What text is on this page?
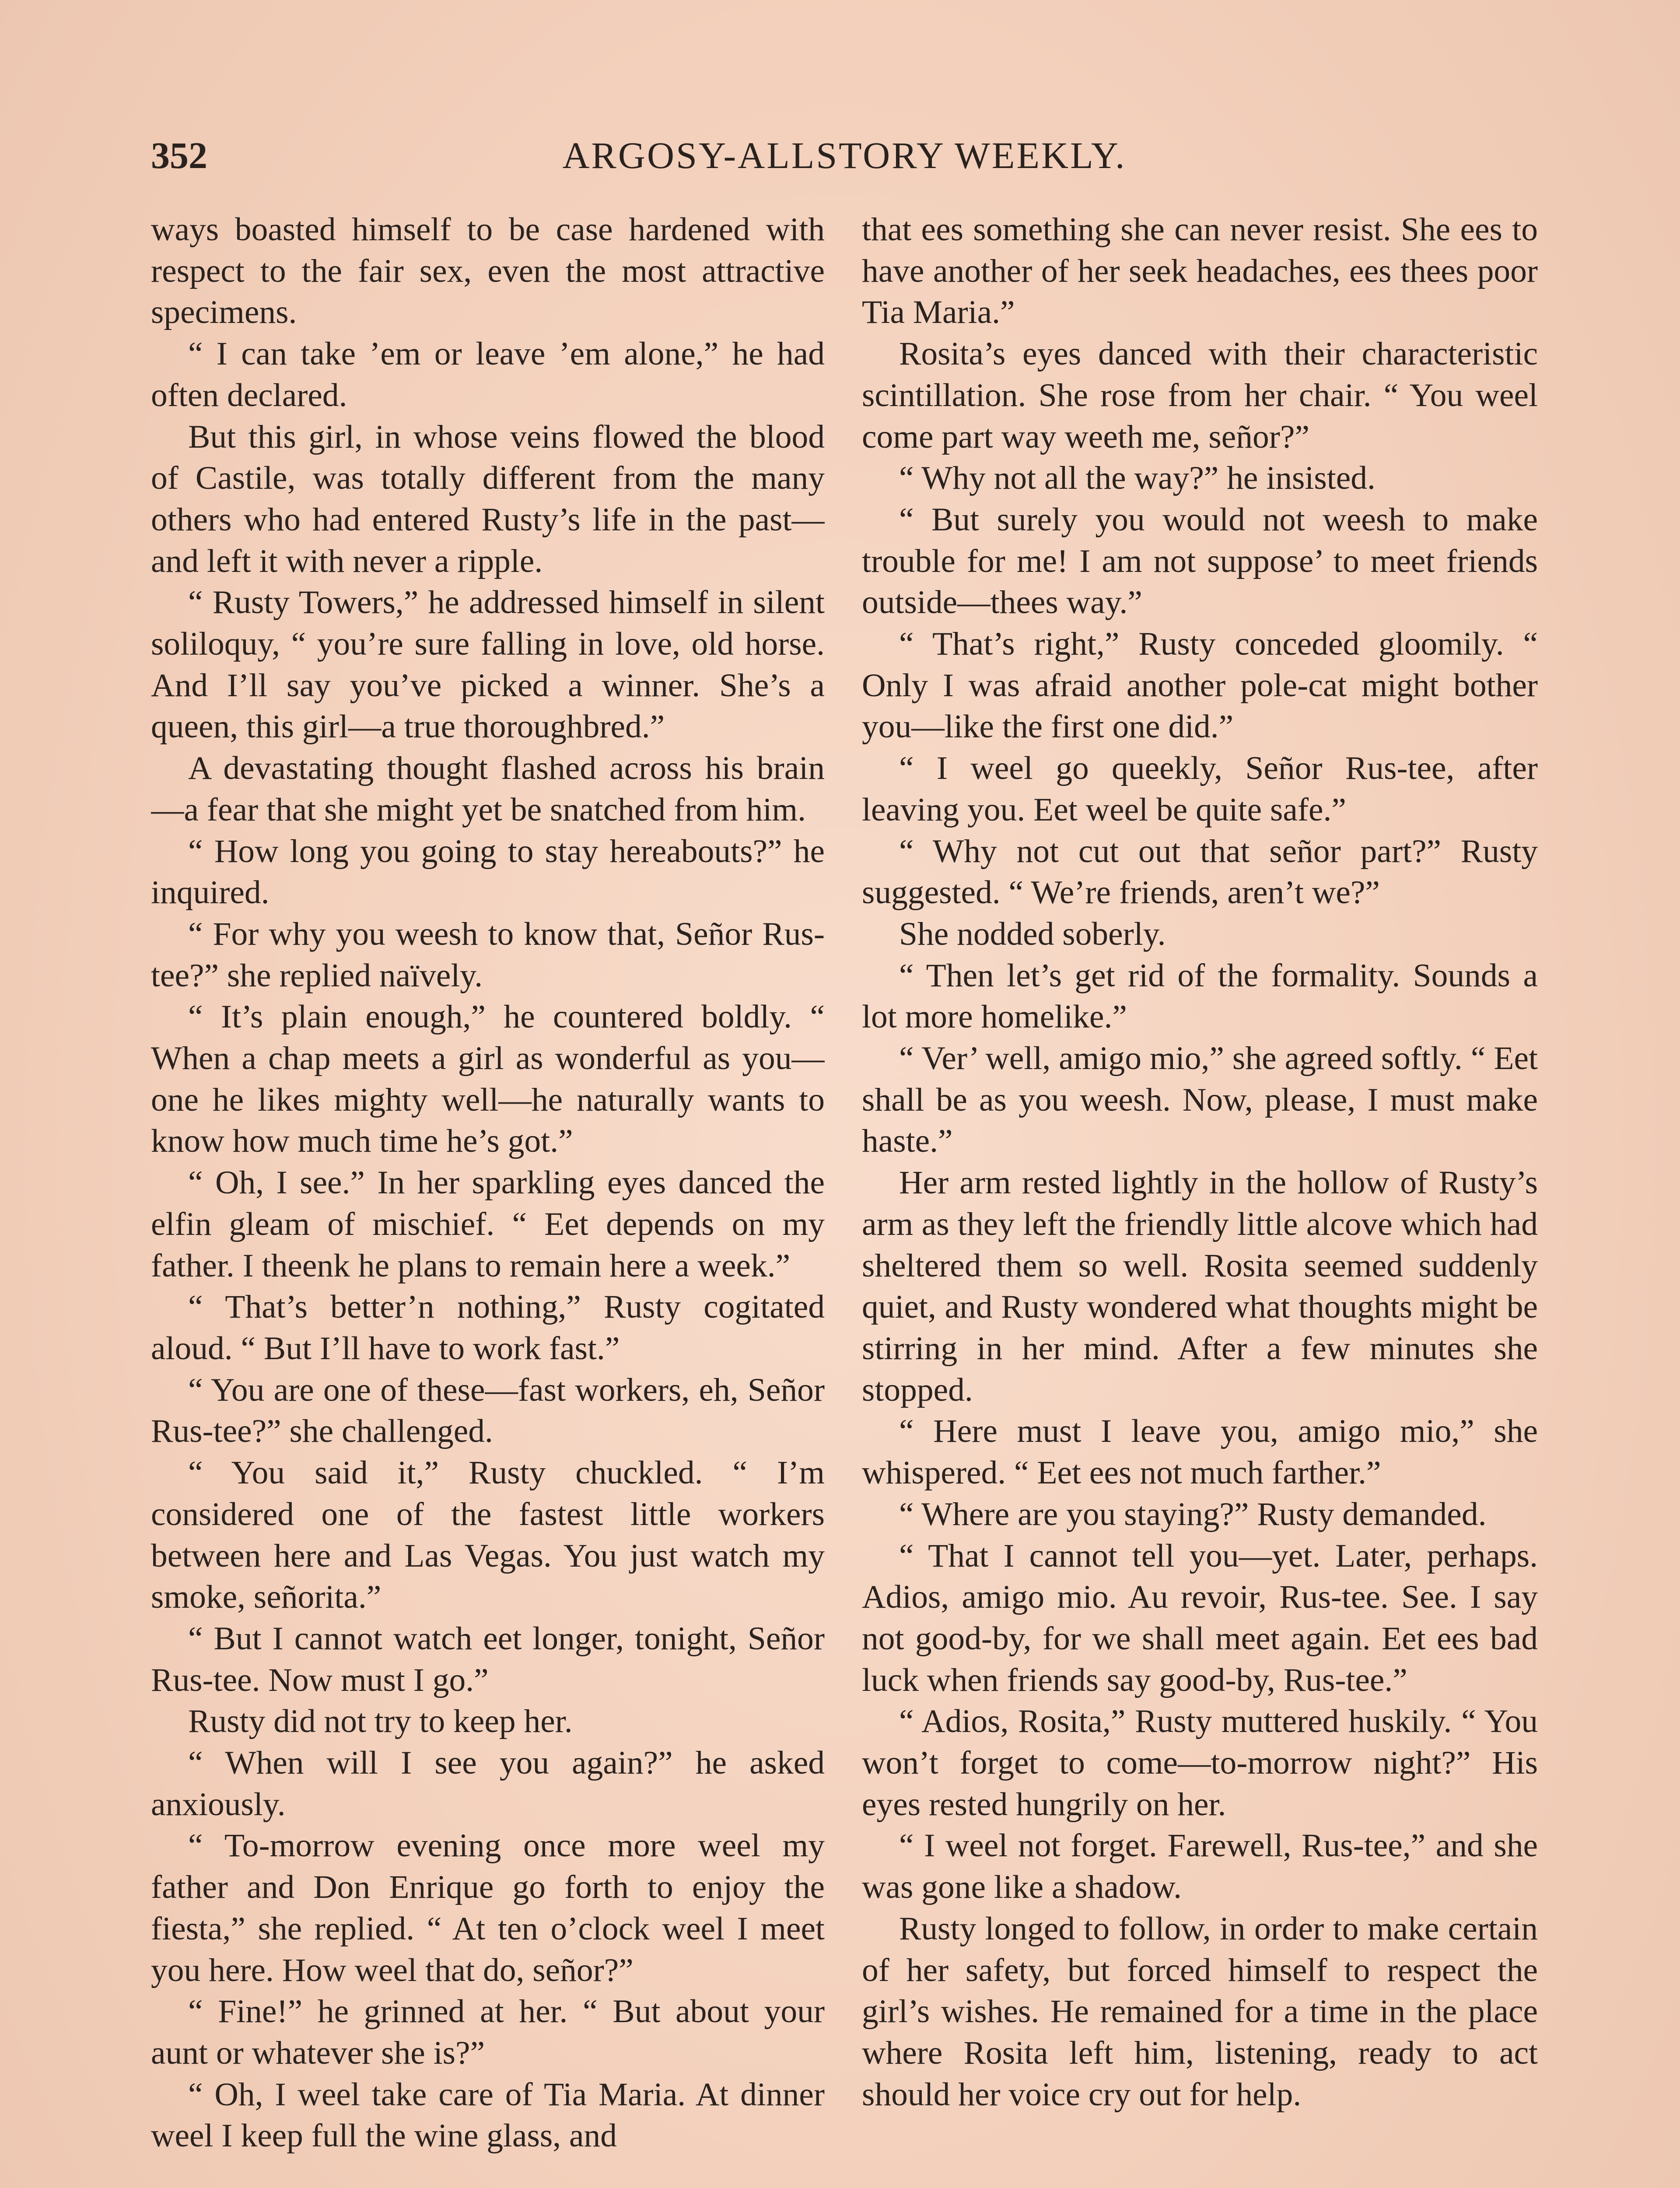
352	ARGOSY-ALLSTORY WEEKLY.

ways boasted himself to be case hardened with respect to the fair sex, even the most attractive specimens.

“ I can take ’em or leave ’em alone,” he had often declared.

But this girl, in whose veins flowed the blood of Castile, was totally different from the many others who had entered Rusty’s life in the past—and left it with never a ripple.

“ Rusty Towers,” he addressed himself in silent soliloquy, “ you’re sure falling in love, old horse. And I’ll say you’ve picked a winner. She’s a queen, this girl—a true thoroughbred.”

A devastating thought flashed across his brain—a fear that she might yet be snatched from him.

“ How long you going to stay hereabouts?” he inquired.

“ For why you weesh to know that, Señor Rus-tee?” she replied naïvely.

“ It’s plain enough,” he countered boldly. “ When a chap meets a girl as wonderful as you—one he likes mighty well—he naturally wants to know how much time he’s got.”

“ Oh, I see.” In her sparkling eyes danced the elfin gleam of mischief. “ Eet depends on my father. I theenk he plans to remain here a week.”

“ That’s better’n nothing,” Rusty cogitated aloud. “ But I’ll have to work fast.”

“ You are one of these—fast workers, eh, Señor Rus-tee?” she challenged.

“ You said it,” Rusty chuckled. “ I’m considered one of the fastest little workers between here and Las Vegas. You just watch my smoke, señorita.”

“ But I cannot watch eet longer, tonight, Señor Rus-tee. Now must I go.”

Rusty did not try to keep her.

“ When will I see you again?” he asked anxiously.

“ To-morrow evening once more weel my father and Don Enrique go forth to enjoy the fiesta,” she replied. “ At ten o’clock weel I meet you here. How weel that do, señor?”

“ Fine!” he grinned at her. “ But about your aunt or whatever she is?”

“ Oh, I weel take care of Tia Maria. At dinner weel I keep full the wine glass, and

that ees something she can never resist. She ees to have another of her seek headaches, ees thees poor Tia Maria.”

Rosita’s eyes danced with their characteristic scintillation. She rose from her chair. “ You weel come part way weeth me, señor?”

“ Why not all the way?” he insisted.

“ But surely you would not weesh to make trouble for me! I am not suppose’ to meet friends outside—thees way.”

“ That’s right,” Rusty conceded gloomily. “ Only I was afraid another pole-cat might bother you—like the first one did.”

“ I weel go queekly, Señor Rus-tee, after leaving you. Eet weel be quite safe.”

“ Why not cut out that señor part?” Rusty suggested. “ We’re friends, aren’t we?”

She nodded soberly.

“ Then let’s get rid of the formality. Sounds a lot more homelike.”

“ Ver’ well, amigo mio,” she agreed softly. “ Eet shall be as you weesh. Now, please, I must make haste.”

Her arm rested lightly in the hollow of Rusty’s arm as they left the friendly little alcove which had sheltered them so well. Rosita seemed suddenly quiet, and Rusty wondered what thoughts might be stirring in her mind. After a few minutes she stopped.

“ Here must I leave you, amigo mio,” she whispered. “ Eet ees not much farther.”

“ Where are you staying?” Rusty demanded.

“ That I cannot tell you—yet. Later, perhaps. Adios, amigo mio. Au revoir, Rus-tee. See. I say not good-by, for we shall meet again. Eet ees bad luck when friends say good-by, Rus-tee.”

“ Adios, Rosita,” Rusty muttered huskily. “ You won’t forget to come—to-morrow night?” His eyes rested hungrily on her.

“ I weel not forget. Farewell, Rus-tee,” and she was gone like a shadow.

Rusty longed to follow, in order to make certain of her safety, but forced himself to respect the girl’s wishes. He remained for a time in the place where Rosita left him, listening, ready to act should her voice cry out for help.
